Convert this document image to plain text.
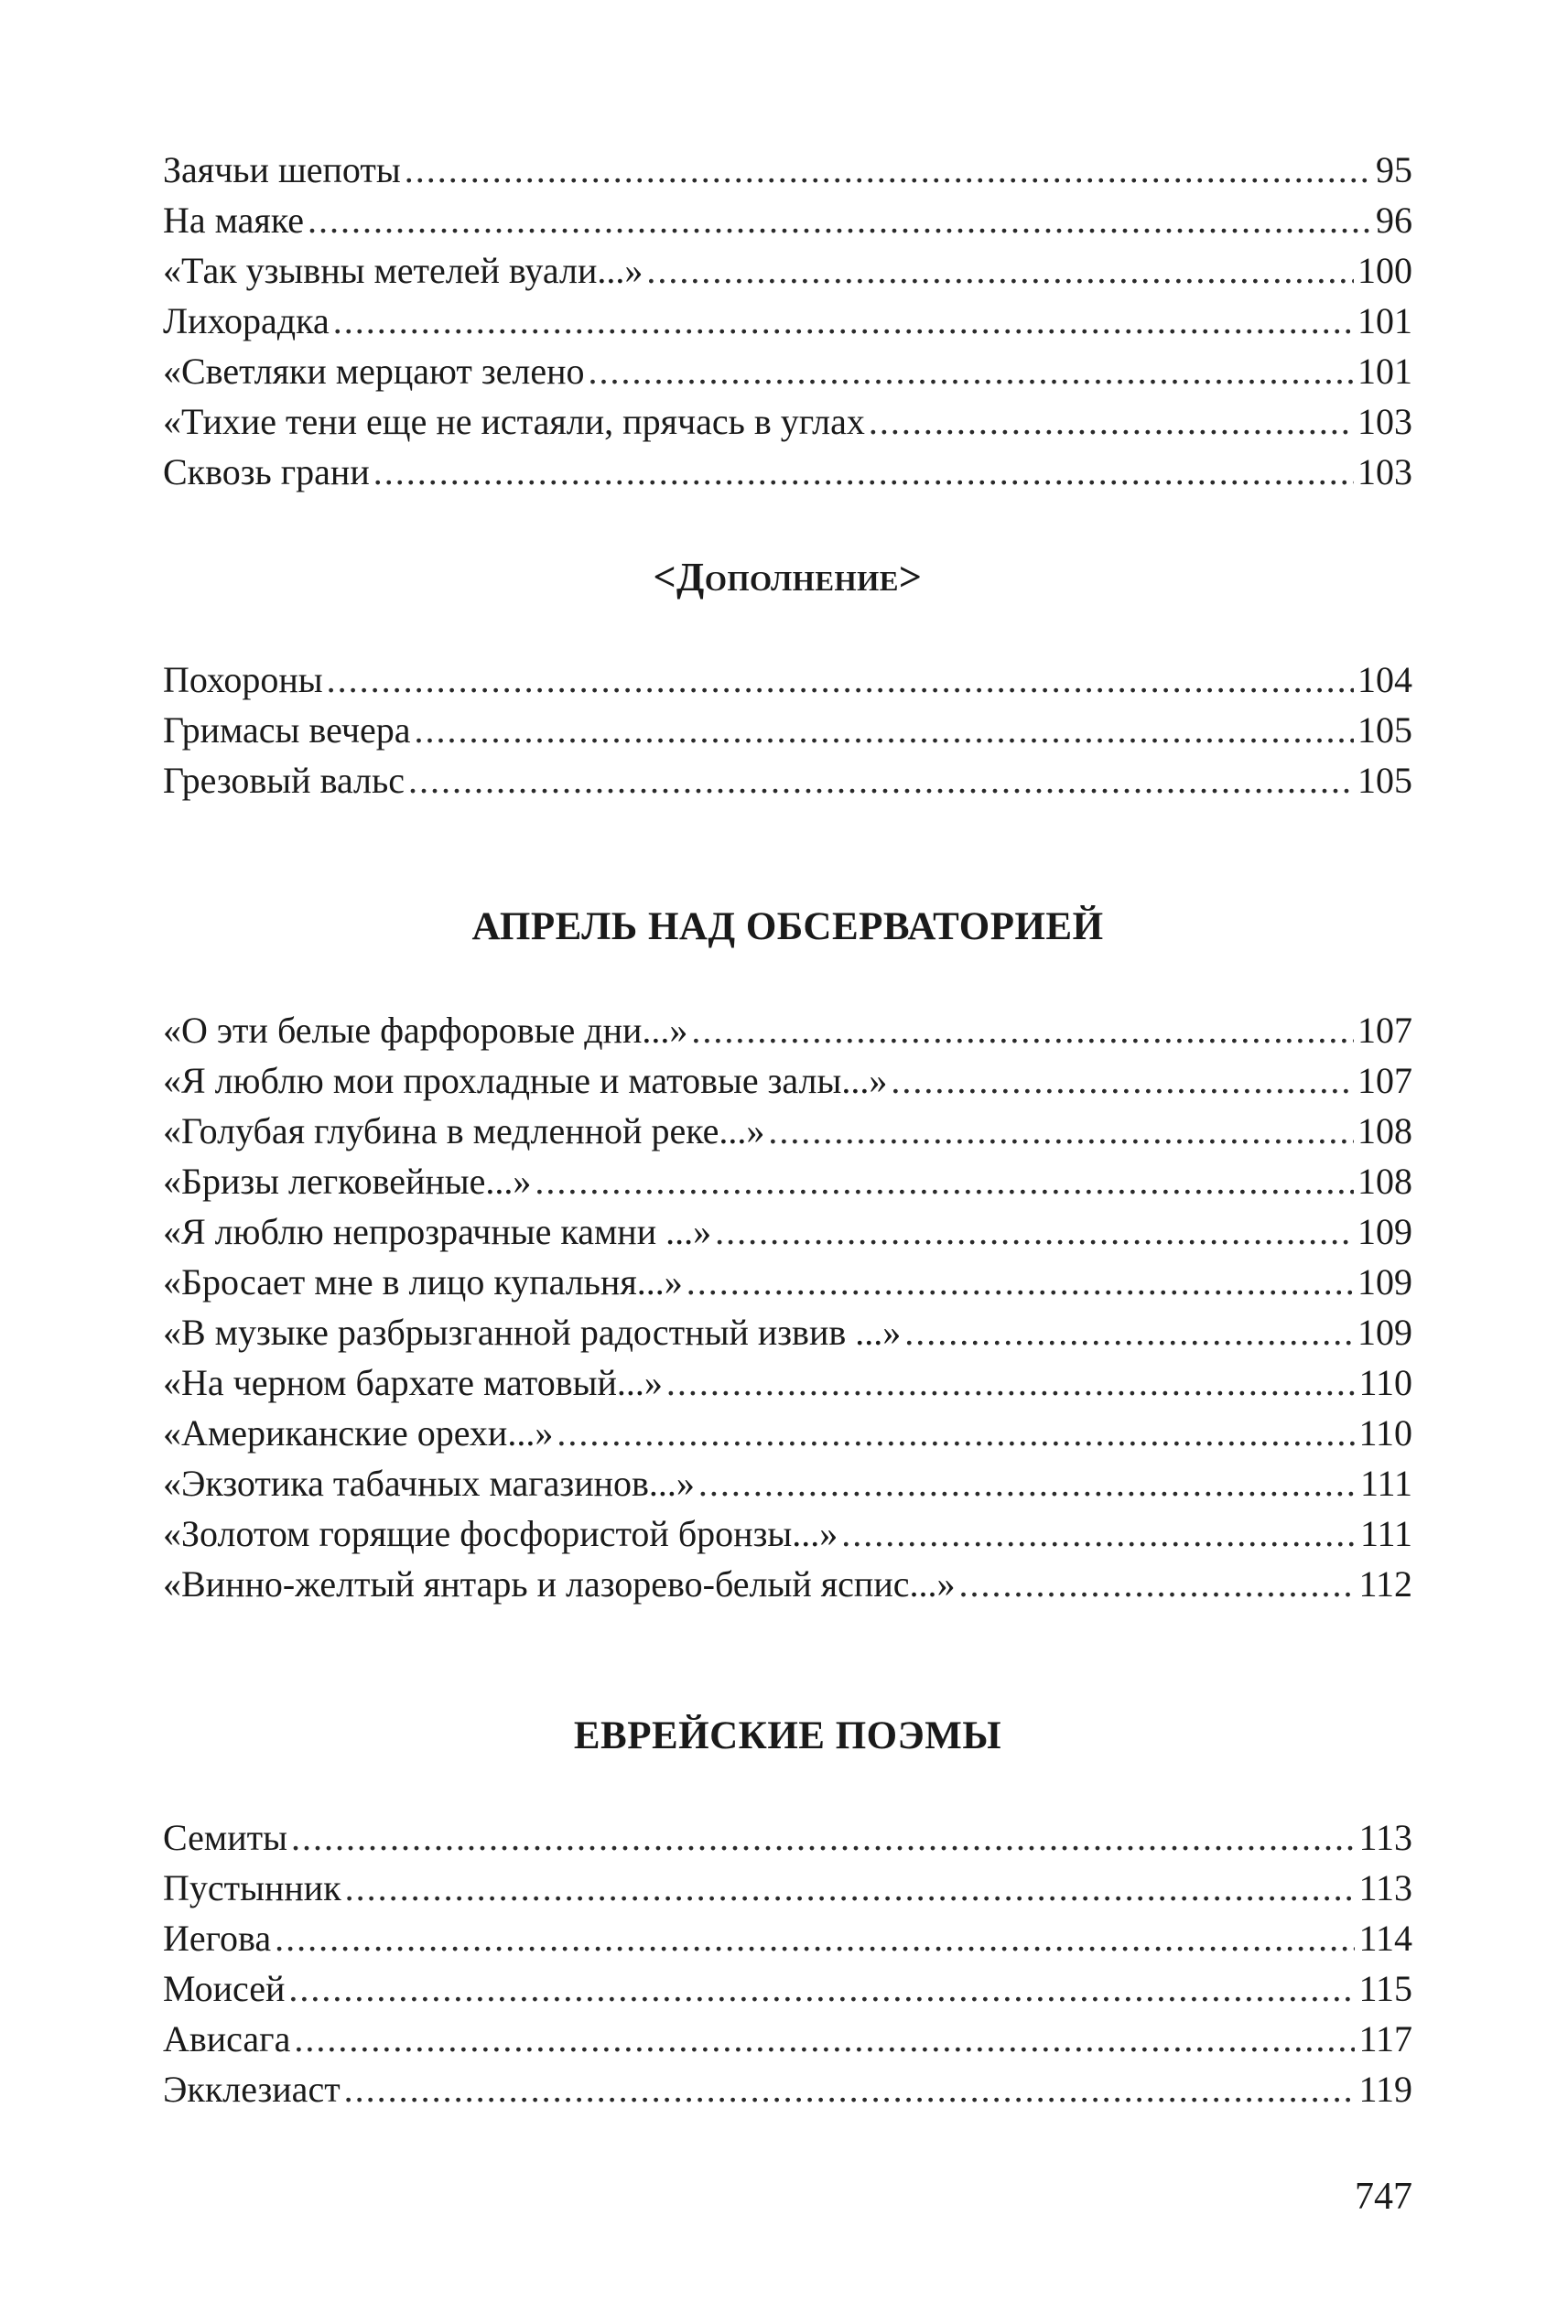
Заячьи шепоты .....	95
На маяке .....	96
«Так узывны метелей вуали...» .....	100
Лихорадка .....	101
«Светляки мерцают зелено .....	101
«Тихие тени еще не истаяли, прячась в углах .....	103
Сквозь грани .....	103
<Дополнение>
Похороны .....	104
Гримасы вечера .....	105
Грезовый вальс .....	105
АПРЕЛЬ НАД ОБСЕРВАТОРИЕЙ
«О эти белые фарфоровые дни...» .....	107
«Я люблю мои прохладные и матовые залы...» .....	107
«Голубая глубина в медленной реке...» .....	108
«Бризы легковейные...» .....	108
«Я люблю непрозрачные камни ...» .....	109
«Бросает мне в лицо купальня...» .....	109
«В музыке разбрызганной радостный извив ...» .....	109
«На черном бархате матовый...» .....	110
«Американские орехи...» .....	110
«Экзотика табачных магазинов...» .....	111
«Золотом горящие фосфористой бронзы...» .....	111
«Винно-желтый янтарь и лазорево-белый яспис...» .....	112
ЕВРЕЙСКИЕ ПОЭМЫ
Семиты .....	113
Пустынник .....	113
Иегова .....	114
Моисей .....	115
Ависага .....	117
Экклезиаст .....	119
747
